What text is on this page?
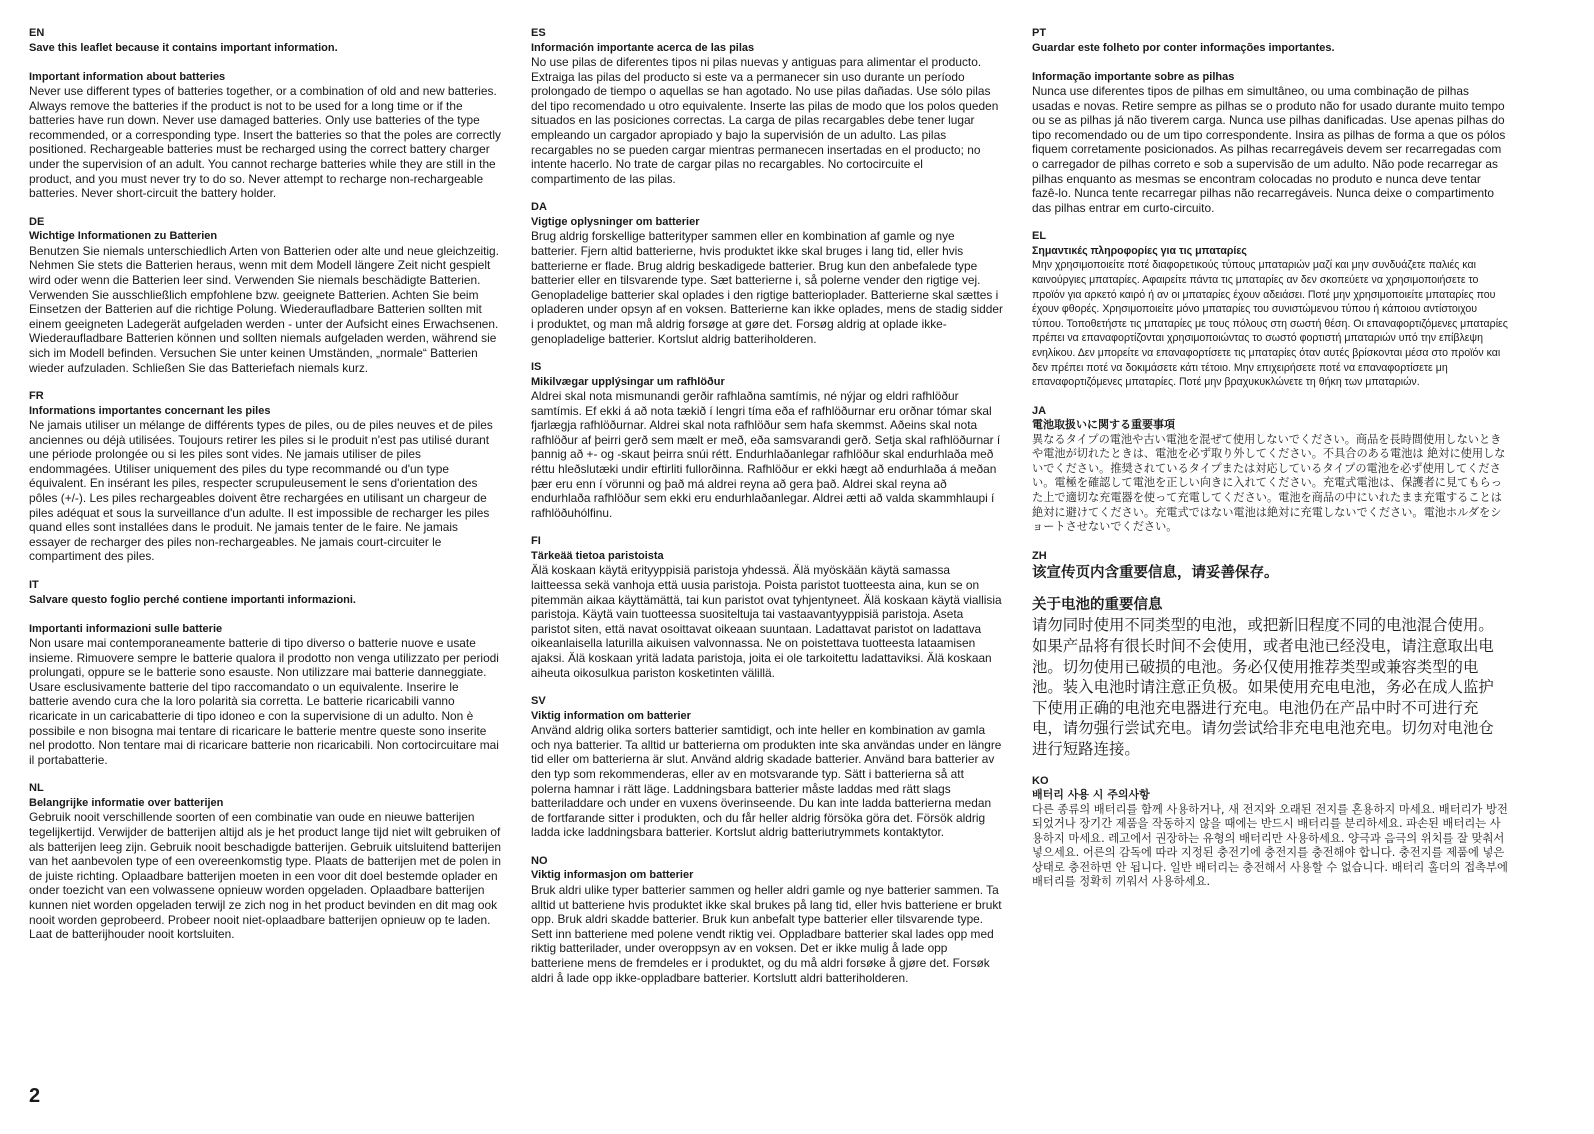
EN
Save this leaflet because it contains important information.
Important information about batteries
Never use different types of batteries together, or a combination of old and new batteries. Always remove the batteries if the product is not to be used for a long time or if the batteries have run down. Never use damaged batteries. Only use batteries of the type recommended, or a corresponding type. Insert the batteries so that the poles are correctly positioned. Rechargeable batteries must be recharged using the correct battery charger under the supervision of an adult. You cannot recharge batteries while they are still in the product, and you must never try to do so. Never attempt to recharge non-rechargeable batteries. Never short-circuit the battery holder.
DE
Wichtige Informationen zu Batterien
Benutzen Sie niemals unterschiedlich Arten von Batterien oder alte und neue gleichzeitig. Nehmen Sie stets die Batterien heraus, wenn mit dem Modell längere Zeit nicht gespielt wird oder wenn die Batterien leer sind. Verwenden Sie niemals beschädigte Batterien. Verwenden Sie ausschließlich empfohlene bzw. geeignete Batterien. Achten Sie beim Einsetzen der Batterien auf die richtige Polung. Wiederaufladbare Batterien sollten mit einem geeigneten Ladegerät aufgeladen werden - unter der Aufsicht eines Erwachsenen. Wiederaufladbare Batterien können und sollten niemals aufgeladen werden, während sie sich im Modell befinden. Versuchen Sie unter keinen Umständen, „normale“ Batterien wieder aufzuladen. Schließen Sie das Batteriefach niemals kurz.
FR
Informations importantes concernant les piles
Ne jamais utiliser un mélange de différents types de piles, ou de piles neuves et de piles anciennes ou déjà utilisées. Toujours retirer les piles si le produit n'est pas utilisé durant une période prolongée ou si les piles sont vides. Ne jamais utiliser de piles endommagées. Utiliser uniquement des piles du type recommandé ou d'un type équivalent. En insérant les piles, respecter scrupuleusement le sens d'orientation des pôles (+/-). Les piles rechargeables doivent être rechargées en utilisant un chargeur de piles adéquat et sous la surveillance d'un adulte. Il est impossible de recharger les piles quand elles sont installées dans le produit. Ne jamais tenter de le faire. Ne jamais essayer de recharger des piles non-rechargeables. Ne jamais court-circuiter le compartiment des piles.
IT
Salvare questo foglio perché contiene importanti informazioni.
Importanti informazioni sulle batterie
Non usare mai contemporaneamente batterie di tipo diverso o batterie nuove e usate insieme. Rimuovere sempre le batterie qualora il prodotto non venga utilizzato per periodi prolungati, oppure se le batterie sono esauste. Non utilizzare mai batterie danneggiate. Usare esclusivamente batterie del tipo raccomandato o un equivalente. Inserire le batterie avendo cura che la loro polarità sia corretta. Le batterie ricaricabili vanno ricaricate in un caricabatterie di tipo idoneo e con la supervisione di un adulto. Non è possibile e non bisogna mai tentare di ricaricare le batterie mentre queste sono inserite nel prodotto. Non tentare mai di ricaricare batterie non ricaricabili. Non cortocircuitare mai il portabatterie.
NL
Belangrijke informatie over batterijen
Gebruik nooit verschillende soorten of een combinatie van oude en nieuwe batterijen tegelijkertijd. Verwijder de batterijen altijd als je het product lange tijd niet wilt gebruiken of als batterijen leeg zijn. Gebruik nooit beschadigde batterijen. Gebruik uitsluitend batterijen van het aanbevolen type of een overeenkomstig type. Plaats de batterijen met de polen in de juiste richting. Oplaadbare batterijen moeten in een voor dit doel bestemde oplader en onder toezicht van een volwassene opnieuw worden opgeladen. Oplaadbare batterijen kunnen niet worden opgeladen terwijl ze zich nog in het product bevinden en dit mag ook nooit worden geprobeerd. Probeer nooit niet-oplaadbare batterijen opnieuw op te laden. Laat de batterijhouder nooit kortsluiten.
ES
Información importante acerca de las pilas
No use pilas de diferentes tipos ni pilas nuevas y antiguas para alimentar el producto. Extraiga las pilas del producto si este va a permanecer sin uso durante un período prolongado de tiempo o aquellas se han agotado. No use pilas dañadas. Use sólo pilas del tipo recomendado u otro equivalente. Inserte las pilas de modo que los polos queden situados en las posiciones correctas. La carga de pilas recargables debe tener lugar empleando un cargador apropiado y bajo la supervisión de un adulto. Las pilas recargables no se pueden cargar mientras permanecen insertadas en el producto; no intente hacerlo. No trate de cargar pilas no recargables. No cortocircuite el compartimento de las pilas.
DA
Vigtige oplysninger om batterier
Brug aldrig forskellige batterityper sammen eller en kombination af gamle og nye batterier. Fjern altid batterierne, hvis produktet ikke skal bruges i lang tid, eller hvis batterierne er flade. Brug aldrig beskadigede batterier. Brug kun den anbefalede type batterier eller en tilsvarende type. Sæt batterierne i, så polerne vender den rigtige vej. Genopladelige batterier skal oplades i den rigtige batterioplader. Batterierne skal sættes i opladeren under opsyn af en voksen. Batterierne kan ikke oplades, mens de stadig sidder i produktet, og man må aldrig forsøge at gøre det. Forsøg aldrig at oplade ikke-genopladelige batterier. Kortslut aldrig batteriholderen.
IS
Mikilvægar upplýsingar um rafhlöður
Aldrei skal nota mismunandi gerðir rafhlaðna samtímis, né nýjar og eldri rafhlöður samtímis. Ef ekki á að nota tækið í lengri tíma eða ef rafhlöðurnar eru orðnar tómar skal fjarlægja rafhlöðurnar. Aldrei skal nota rafhlöður sem hafa skemmst. Aðeins skal nota rafhlöður af þeirri gerð sem mælt er með, eða samsvarandi gerð. Setja skal rafhlöðurnar í þannig að +- og -skaut þeirra snúi rétt. Endurhlaðanlegar rafhlöður skal endurhlaða með réttu hleðslutæki undir eftirliti fullorðinna. Rafhlöður er ekki hægt að endurhlaða á meðan þær eru enn í vörunni og það má aldrei reyna að gera það. Aldrei skal reyna að endurhlaða rafhlöður sem ekki eru endurhlaðanlegar. Aldrei ætti að valda skammhlaupi í rafhlöðuhólfinu.
FI
Tärkeää tietoa paristoista
Älä koskaan käytä erityyppisiä paristoja yhdessä. Älä myöskään käytä samassa laitteessa sekä vanhoja että uusia paristoja. Poista paristot tuotteesta aina, kun se on pitemmän aikaa käyttämättä, tai kun paristot ovat tyhjentyneet. Älä koskaan käytä viallisia paristoja. Käytä vain tuotteessa suositeltuja tai vastaavantyyppisiä paristoja. Aseta paristot siten, että navat osoittavat oikeaan suuntaan. Ladattavat paristot on ladattava oikeanlaisella laturilla aikuisen valvonnassa. Ne on poistettava tuotteesta lataamisen ajaksi. Älä koskaan yritä ladata paristoja, joita ei ole tarkoitettu ladattaviksi. Älä koskaan aiheuta oikosulkua pariston kosketinten välillä.
SV
Viktig information om batterier
Använd aldrig olika sorters batterier samtidigt, och inte heller en kombination av gamla och nya batterier. Ta alltid ur batterierna om produkten inte ska användas under en längre tid eller om batterierna är slut. Använd aldrig skadade batterier. Använd bara batterier av den typ som rekommenderas, eller av en motsvarande typ. Sätt i batterierna så att polerna hamnar i rätt läge. Laddningsbara batterier måste laddas med rätt slags batteriladdare och under en vuxens överinseende. Du kan inte ladda batterierna medan de fortfarande sitter i produkten, och du får heller aldrig försöka göra det. Försök aldrig ladda icke laddningsbara batterier. Kortslut aldrig batteriutrymmets kontaktytor.
NO
Viktig informasjon om batterier
Bruk aldri ulike typer batterier sammen og heller aldri gamle og nye batterier sammen. Ta alltid ut batteriene hvis produktet ikke skal brukes på lang tid, eller hvis batteriene er brukt opp. Bruk aldri skadde batterier. Bruk kun anbefalt type batterier eller tilsvarende type. Sett inn batteriene med polene vendt riktig vei. Oppladbare batterier skal lades opp med riktig batterilader, under overoppsyn av en voksen. Det er ikke mulig å lade opp batteriene mens de fremdeles er i produktet, og du må aldri forsøke å gjøre det. Forsøk aldri å lade opp ikke-oppladbare batterier. Kortslutt aldri batteriholderen.
PT
Guardar este folheto por conter informações importantes.
Informação importante sobre as pilhas
Nunca use diferentes tipos de pilhas em simultâneo, ou uma combinação de pilhas usadas e novas. Retire sempre as pilhas se o produto não for usado durante muito tempo ou se as pilhas já não tiverem carga. Nunca use pilhas danificadas. Use apenas pilhas do tipo recomendado ou de um tipo correspondente. Insira as pilhas de forma a que os pólos fiquem corretamente posicionados. As pilhas recarregáveis devem ser recarregadas com o carregador de pilhas correto e sob a supervisão de um adulto. Não pode recarregar as pilhas enquanto as mesmas se encontram colocadas no produto e nunca deve tentar fazê-lo. Nunca tente recarregar pilhas não recarregáveis. Nunca deixe o compartimento das pilhas entrar em curto-circuito.
EL
Σημαντικές πληροφορίες για τις μπαταρίες
Μην χρησιμοποιείτε ποτέ διαφορετικούς τύπους μπαταριών μαζί και μην συνδυάζετε παλιές και καινούργιες μπαταρίες. Αφαιρείτε πάντα τις μπαταρίες αν δεν σκοπεύετε να χρησιμοποιήσετε το προϊόν για αρκετό καιρό ή αν οι μπαταρίες έχουν αδειάσει. Ποτέ μην χρησιμοποιείτε μπαταρίες που έχουν φθορές. Χρησιμοποιείτε μόνο μπαταρίες του συνιστώμενου τύπου ή κάποιου αντίστοιχου τύπου. Τοποθετήστε τις μπαταρίες με τους πόλους στη σωστή θέση. Οι επαναφορτιζόμενες μπαταρίες πρέπει να επαναφορτίζονται χρησιμοποιώντας το σωστό φορτιστή μπαταριών υπό την επίβλεψη ενηλίκου. Δεν μπορείτε να επαναφορτίσετε τις μπαταρίες όταν αυτές βρίσκονται μέσα στο προϊόν και δεν πρέπει ποτέ να δοκιμάσετε κάτι τέτοιο. Μην επιχειρήσετε ποτέ να επαναφορτίσετε μη επαναφορτιζόμενες μπαταρίες. Ποτέ μην βραχυκυκλώνετε τη θήκη των μπαταριών.
JA
電池取扱いに関する重要事項
異なるタイプの電池や古い電池を混ぜて使用しないでください。商品を長時間使用しないときや電池が切れたときは、電池を必ず取り外してください。不具合のある電池は 絶対に使用しないでください。推奨されているタイプまたは対応しているタイプの電池を必ず使用してください。電極を確認して電池を正しい向きに入れてください。充電式電池は、保護者に見てもらった上で適切な充電器を使って充電してください。電池を商品の中にいれたまま充電することは絶対に避けてください。充電式ではない電池は絶対に充電しないでください。電池ホルダをショートさせないでください。
ZH
该宣传页内含重要信息，请妥善保存。
关于电池的重要信息
请勿同时使用不同类型的电池，或把新旧程度不同的电池混合使用。如果产品将有很长时间不会使用，或者电池已经没电，请注意取出电池。切勿使用已破损的电池。务必仅使用推荐类型或兼容类型的电池。装入电池时请注意正负极。如果使用充电电池，务必在成人监护下使用正确的电池充电器进行充电。电池仍在产品中时不可进行充电，请勿强行尝试充电。请勿尝试给非充电电池充电。切勿对电池仓进行短路连接。
KO
배터리 사용 시 주의사항
다른 종류의 배터리를 함께 사용하거나, 새 전지와 오래된 전지를 혼용하지 마세요. 배터리가 방전되었거나 장기간 제품을 작동하지 않을 때에는 반드시 배터리를 분리하세요. 파손된 배터리는 사용하지 마세요. 레고에서 권장하는 유형의 배터리만 사용하세요. 양극과 음극의 위치를 잘 맞춰서 넣으세요. 어른의 감독에 따라 지정된 충전기에 충전지를 충전해야 합니다. 충전지를 제품에 넣은 상태로 충전하면 안 됩니다. 일반 배터리는 충전해서 사용할 수 없습니다. 배터리 홀더의 접촉부에 배터리를 정확히 끼워서 사용하세요.
2
